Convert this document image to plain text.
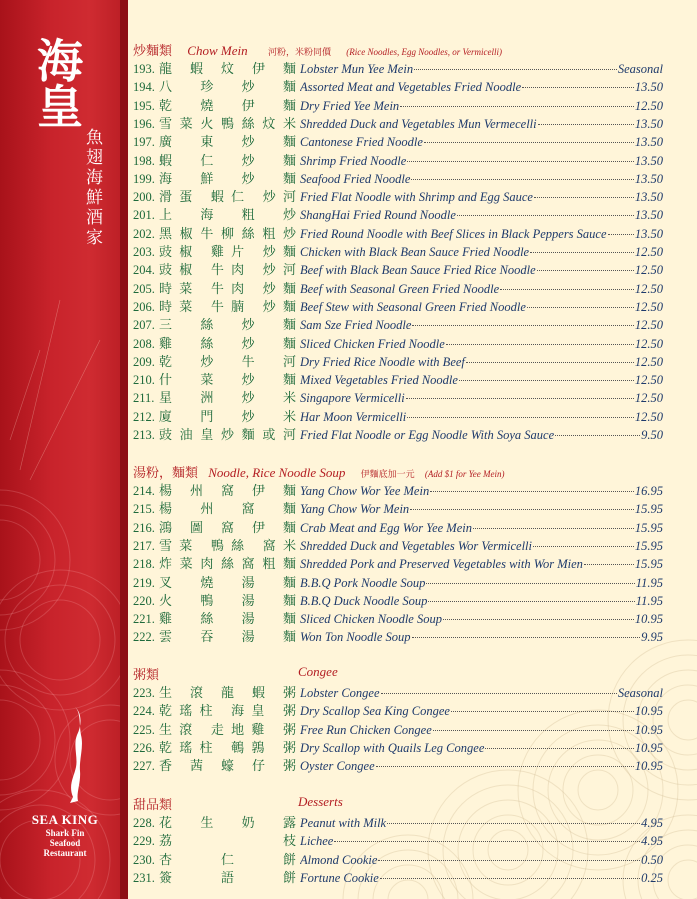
海皇
魚翅海鮮酒家
SEA KING
Shark Fin
Seafood
Restaurant
炒麵類 Chow Mein 河粉，米粉同價 (Rice Noodles, Egg Noodles, or Vermicelli)
193. 龍 蝦 炆 伊 麵 Lobster Mun Yee Mein	Seasonal
194. 八　 珍　 炒　 麵 Assorted Meat and Vegetables Fried Noodle	13.50
195. 乾　 燒　 伊　 麵 Dry Fried Yee Mein	12.50
196. 雪菜火鴨絲炆米 Shredded Duck and Vegetables Mun Vermecelli	13.50
197. 廣　 東　 炒　 麵 Cantonese Fried Noodle	13.50
198. 蝦　 仁　 炒　 麵 Shrimp Fried Noodle	13.50
199. 海　 鮮　 炒　 麵 Seafood Fried Noodle	13.50
200. 滑蛋 蝦仁 炒河 Fried Flat Noodle with Shrimp and Egg Sauce	13.50
201. 上　 海　 粗　 炒 ShangHai Fried Round Noodle	13.50
202. 黑椒牛柳絲粗炒 Fried Round Noodle with Beef Slices in Black Peppers Sauce 13.50
203. 豉椒 雞片 炒麵 Chicken with Black Bean Sauce Fried Noodle	12.50
204. 豉椒 牛肉 炒河 Beef with Black Bean Sauce Fried Rice Noodle	12.50
205. 時菜 牛肉 炒麵 Beef with Seasonal Green Fried Noodle	12.50
206. 時菜 牛腩 炒麵 Beef Stew with Seasonal Green Fried Noodle	12.50
207. 三　 絲　 炒　 麵 Sam Sze Fried Noodle	12.50
208. 雞　 絲　 炒　 麵 Sliced Chicken Fried Noodle	12.50
209. 乾　 炒　 牛　 河 Dry Fried Rice Noodle with Beef	12.50
210. 什　 菜　 炒　 麵 Mixed Vegetables Fried Noodle	12.50
211. 星　 洲　 炒　 米 Singapore Vermicelli	12.50
212. 廈　 門　 炒　 米 Har Moon Vermicelli	12.50
213. 豉油皇炒麵或河 Fried Flat Noodle or Egg Noodle With Soya Sauce	9.50
湯粉，麵類 Noodle, Rice Noodle Soup 伊麵底加一元 (Add $1 for Yee Mein)
214. 楊　 州　 窩　 伊　 麵 Yang Chow Wor Yee Mein	16.95
215. 楊　 州　 窩　 麵 Yang Chow Wor Mein	15.95
216. 鴻 圖 窩 伊 麵 Crab Meat and Egg Wor Yee Mein	15.95
217. 雪菜 鴨絲 窩米 Shredded Duck and Vegetables Wor Vermicelli	15.95
218. 炸菜肉絲窩粗麵 Shredded Pork and Preserved Vegetables with Wor Mien	15.95
219. 叉　 燒　 湯　 麵 B.B.Q Pork Noodle Soup	11.95
220. 火　 鴨　 湯　 麵 B.B.Q Duck Noodle Soup	11.95
221. 雞　 絲　 湯　 麵 Sliced Chicken Noodle Soup	10.95
222. 雲　 吞　 湯　 麵 Won Ton Noodle Soup	9.95
粥類	Congee
223. 生 滾 龍 蝦 粥 Lobster Congee	Seasonal
224. 乾瑤柱 海皇 粥 Dry Scallop Sea King Congee	10.95
225. 生滾 走地雞 粥 Free Run Chicken Congee	10.95
226. 乾瑤柱 鵪鶉 粥 Dry Scallop with Quails Leg Congee	10.95
227. 香 茜 蠔 仔 粥 Oyster Congee	10.95
甜品類	Desserts
228. 花　 生　 奶　 露 Peanut with Milk	4.95
229. 荔　　　　 枝 Lichee	4.95
230. 杏　　 仁　　 餅 Almond Cookie	0.50
231. 簽　　 語　　 餅 Fortune Cookie	0.25
